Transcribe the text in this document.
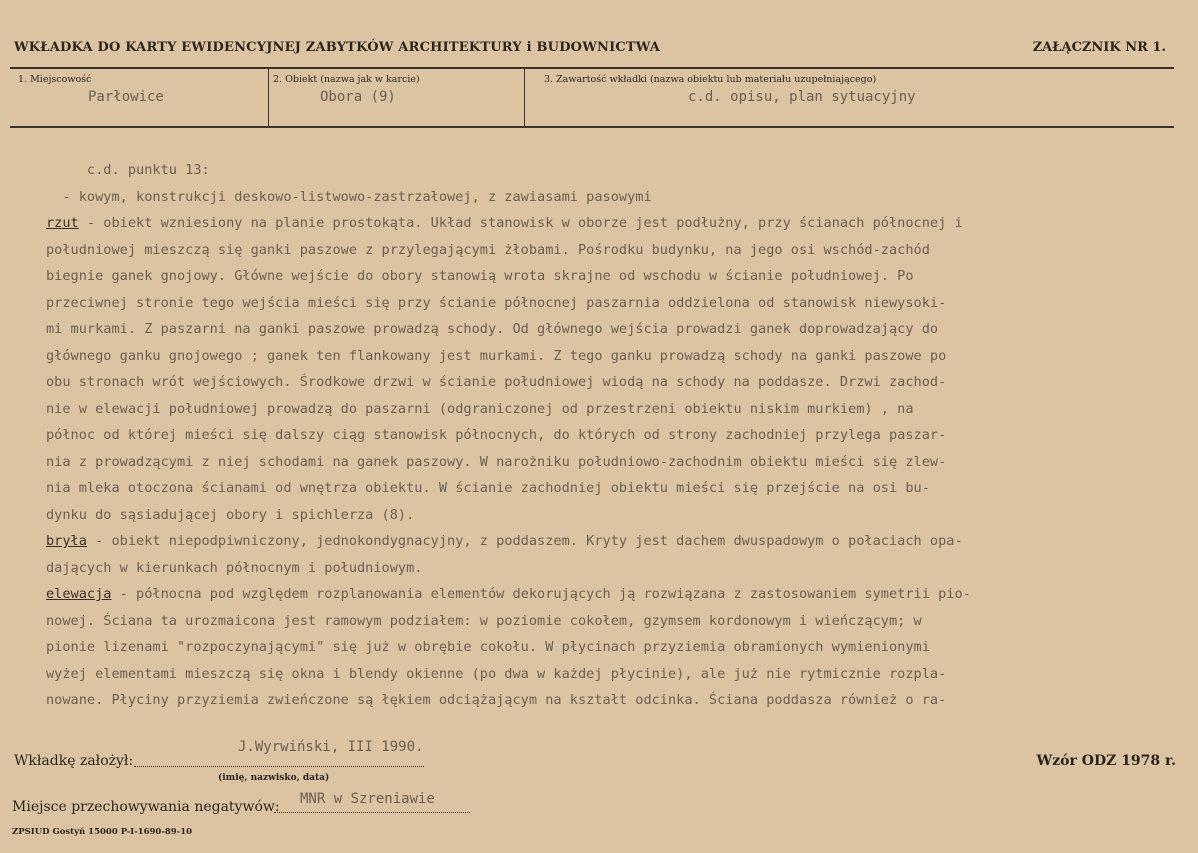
WKŁADKA DO KARTY EWIDENCYJNEJ ZABYTKÓW ARCHITEKTURY i BUDOWNICTWA	ZAŁĄCZNIK NR 1.
1. Miejscowość
Parłowice
2. Obiekt (nazwa jak w karcie)
Obora (9)
3. Zawartość wkładki (nazwa obiektu lub materiału uzupełniającego)
c.d. opisu, plan sytuacyjny
c.d. punktu 13:
- kowym, konstrukcji deskowo-listwowo-zastrzałowej, z zawiasami pasowymi
rzut - obiekt wzniesiony na planie prostokąta. Układ stanowisk w oborze jest podłużny, przy ścianach północnej i
południowej mieszczą się ganki paszowe z przylegającymi żłobami. Pośrodku budynku, na jego osi wschód-zachód
biegnie ganek gnojowy. Główne wejście do obory stanowią wrota skrajne od wschodu w ścianie południowej. Po
przeciwnej stronie tego wejścia mieści się przy ścianie północnej paszarnia oddzielona od stanowisk niewysoki-
mi murkami. Z paszarni na ganki paszowe prowadzą schody. Od głównego wejścia prowadzi ganek doprowadzający do
głównego ganku gnojowego ; ganek ten flankowany jest murkami. Z tego ganku prowadzą schody na ganki paszowe po
obu stronach wrót wejściowych. Środkowe drzwi w ścianie południowej wiodą na schody na poddasze. Drzwi zachod-
nie w elewacji południowej prowadzą do paszarni (odgraniczonej od przestrzeni obiektu niskim murkiem) , na
północ od której mieści się dalszy ciąg stanowisk północnych, do których od strony zachodniej przylega paszar-
nia z prowadzącymi z niej schodami na ganek paszowy. W narożniku południowo-zachodnim obiektu mieści się zlew-
nia mleka otoczona ścianami od wnętrza obiektu. W ścianie zachodniej obiektu mieści się przejście na osi bu-
dynku do sąsiadującej obory i spichlerza (8).
bryła - obiekt niepodpiwniczony, jednokondygnacyjny, z poddaszem. Kryty jest dachem dwuspadowym o połaciach opa-
dających w kierunkach północnym i południowym.
elewacja - północna pod względem rozplanowania elementów dekorujących ją rozwiązana z zastosowaniem symetrii pio-
nowej. Ściana ta urozmaicona jest ramowym podziałem: w poziomie cokołem, gzymsem kordonowym i wieńczącym; w
pionie lizenami "rozpoczynającymi" się już w obrębie cokołu. W płycinach przyziemia obramionych wymienionymi
wyżej elementami mieszczą się okna i blendy okienne (po dwa w każdej płycinie), ale już nie rytmicznie rozpla-
nowane. Płyciny przyziemia zwieńczone są łękiem odciążającym na kształt odcinka. Ściana poddasza również o ra-
Wkładkę założył:
J.Wyrwiński, III 1990.
(imię, nazwisko, data)
Miejsce przechowywania negatywów: MNR w Szreniawie
Wzór ODZ 1978 r.
ZPSIUD Gostyń 15000 P-I-1690-89-10
